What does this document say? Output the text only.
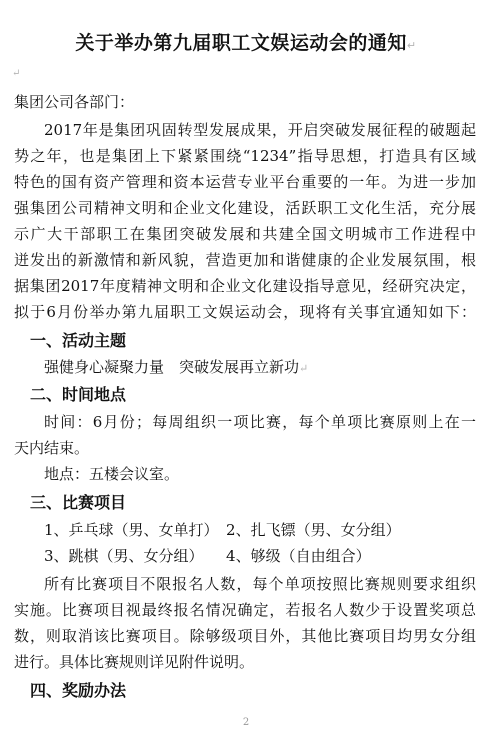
关于举办第九届职工文娱运动会的通知↵
↵
集团公司各部门：
2017年是集团巩固转型发展成果，开启突破发展征程的破题起
势之年，也是集团上下紧紧围绕“1234”指导思想，打造具有区域
特色的国有资产管理和资本运营专业平台重要的一年。为进一步加
强集团公司精神文明和企业文化建设，活跃职工文化生活，充分展
示广大干部职工在集团突破发展和共建全国文明城市工作进程中
迸发出的新激情和新风貌，营造更加和谐健康的企业发展氛围，根
据集团2017年度精神文明和企业文化建设指导意见，经研究决定，
拟于6月份举办第九届职工文娱运动会，现将有关事宜通知如下：
一、活动主题
强健身心凝聚力量　突破发展再立新功↵
二、时间地点
时间：6月份；每周组织一项比赛，每个单项比赛原则上在一
天内结束。
地点：五楼会议室。
三、比赛项目
1、乒乓球（男、女单打）　2、扎飞镖（男、女分组）
3、跳棋（男、女分组）　　4、够级（自由组合）
所有比赛项目不限报名人数，每个单项按照比赛规则要求组织
实施。比赛项目视最终报名情况确定，若报名人数少于设置奖项总
数，则取消该比赛项目。除够级项目外，其他比赛项目均男女分组
进行。具体比赛规则详见附件说明。
四、奖励办法
2
